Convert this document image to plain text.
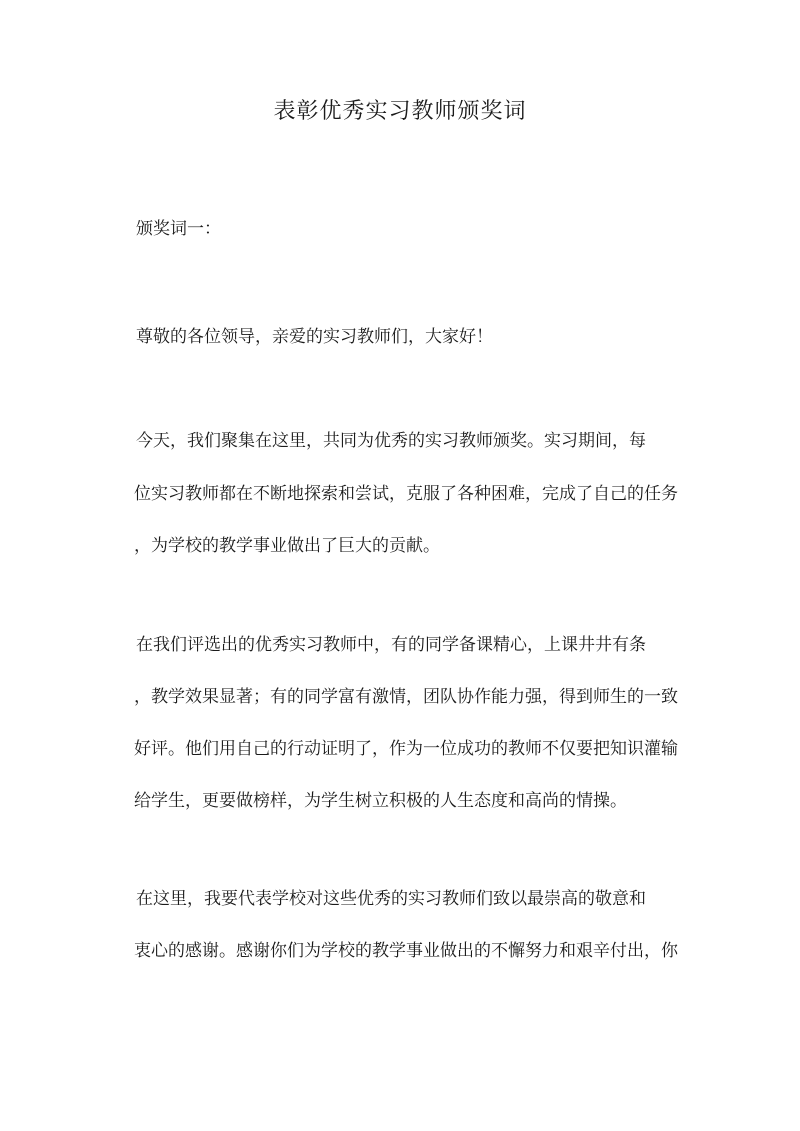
表彰优秀实习教师颁奖词
颁奖词一：
尊敬的各位领导，亲爱的实习教师们，大家好！
今天，我们聚集在这里，共同为优秀的实习教师颁奖。实习期间，每
位实习教师都在不断地探索和尝试，克服了各种困难，完成了自己的任务
，为学校的教学事业做出了巨大的贡献。
在我们评选出的优秀实习教师中，有的同学备课精心，上课井井有条
，教学效果显著；有的同学富有激情，团队协作能力强，得到师生的一致
好评。他们用自己的行动证明了，作为一位成功的教师不仅要把知识灌输
给学生，更要做榜样，为学生树立积极的人生态度和高尚的情操。
在这里，我要代表学校对这些优秀的实习教师们致以最崇高的敬意和
衷心的感谢。感谢你们为学校的教学事业做出的不懈努力和艰辛付出，你
